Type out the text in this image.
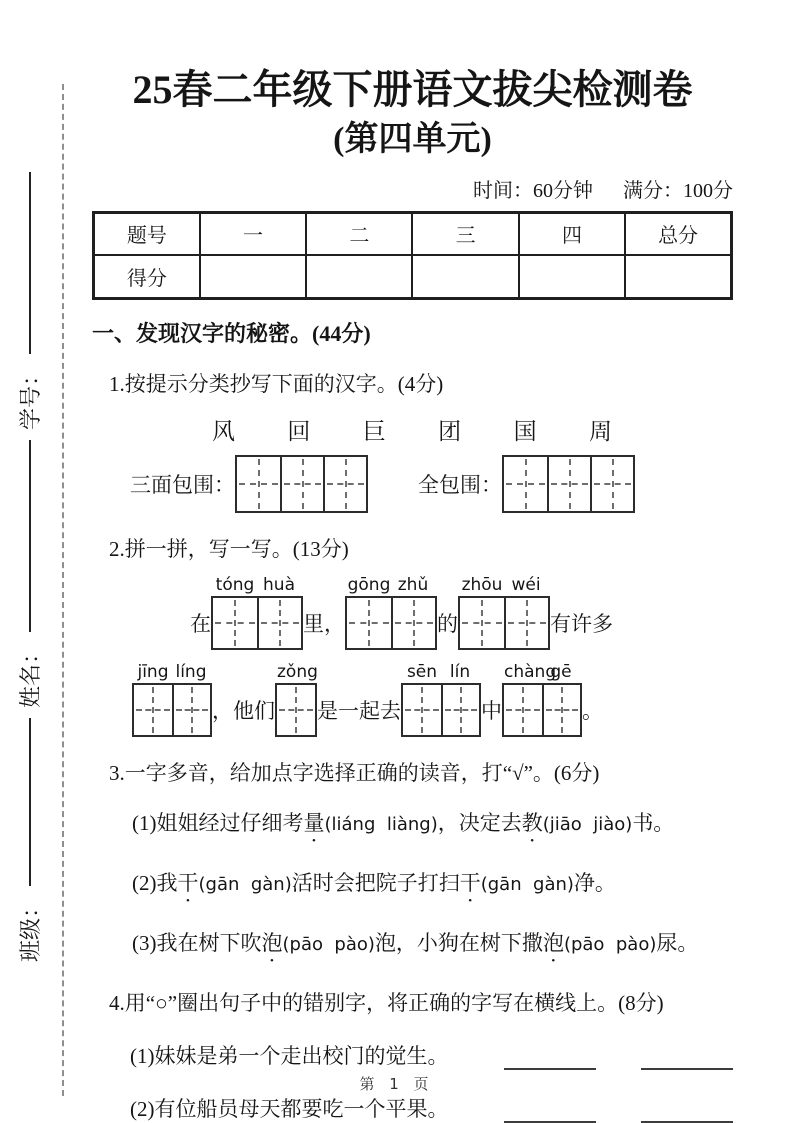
班级：
姓名：
学号：
25春二年级下册语文拔尖检测卷
(第四单元)
时间：60分钟 满分：100分
题号	一	二	三	四	总分
得分					
一、发现汉字的秘密。(44分)
1.按提示分类抄写下面的汉字。(4分)
风 回 巨 团 国 周
三面包围：	全包围：
2.拼一拼，写一写。(13分)
在
tóng huà
里，
gōng zhǔ
的
zhōu wéi
有许多
jīng líng
，他们
zǒng
是一起去
sēn lín
中
chàng
gē
。
3.一字多音，给加点字选择正确的读音，打“√”。(6分)
(1)姐姐经过仔细考量(liáng  liàng)，决定去教(jiāo  jiào)书。
(2)我干(gān  gàn)活时会把院子打扫干(gān  gàn)净。
(3)我在树下吹泡(pāo  pào)泡，小狗在树下撒泡(pāo  pào)尿。
4.用“○”圈出句子中的错别字，将正确的字写在横线上。(8分)
(1)妹妹是弟一个走出校门的觉生。
(2)有位船员母天都要吃一个平果。
第 1 页
